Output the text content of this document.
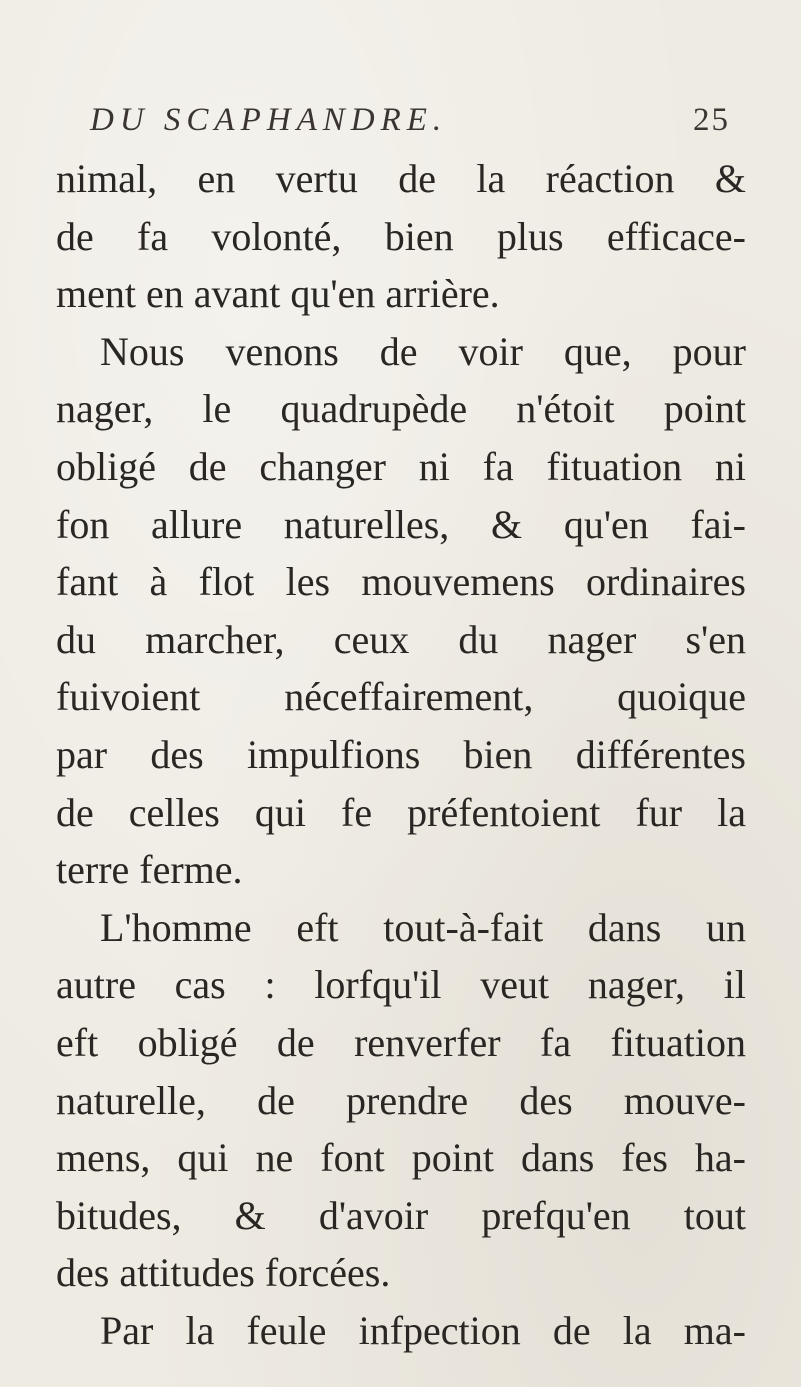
DU SCAPHANDRE.	25
nimal, en vertu de la réaction &
de fa volonté, bien plus efficace-
ment en avant qu'en arrière.
Nous venons de voir que, pour
nager, le quadrupède n'étoit point
obligé de changer ni fa fituation ni
fon allure naturelles, & qu'en fai-
fant à flot les mouvemens ordinaires
du marcher, ceux du nager s'en
fuivoient néceffairement, quoique
par des impulfions bien différentes
de celles qui fe préfentoient fur la
terre ferme.
L'homme eft tout-à-fait dans un
autre cas : lorfqu'il veut nager, il
eft obligé de renverfer fa fituation
naturelle, de prendre des mouve-
mens, qui ne font point dans fes ha-
bitudes, & d'avoir prefqu'en tout
des attitudes forcées.
Par la feule infpection de la ma-
